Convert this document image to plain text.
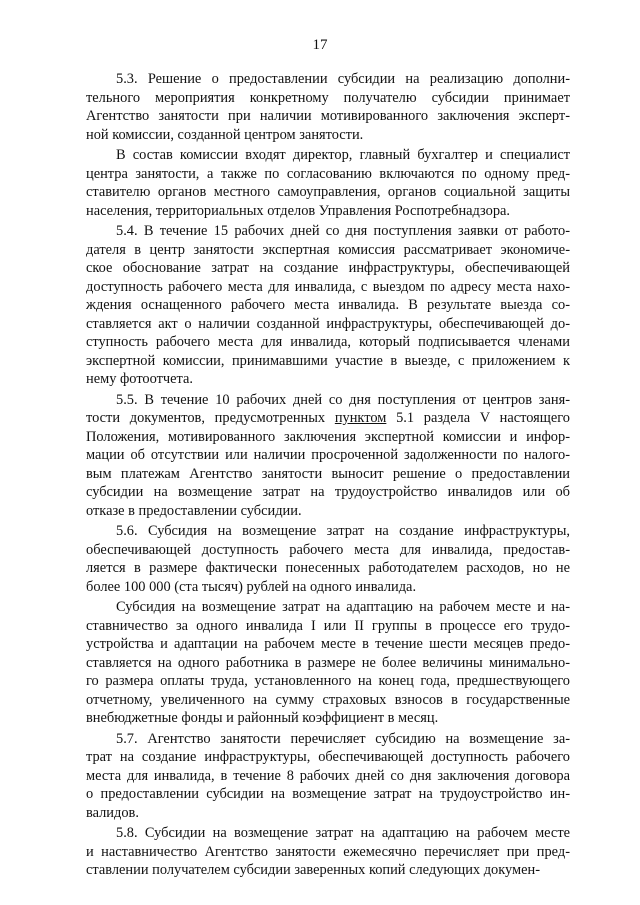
17
5.3. Решение о предоставлении субсидии на реализацию дополни-
тельного мероприятия конкретному получателю субсидии принимает
Агентство занятости при наличии мотивированного заключения эксперт-
ной комиссии, созданной центром занятости.
В состав комиссии входят директор, главный бухгалтер и специалист
центра занятости, а также по согласованию включаются по одному пред-
ставителю органов местного самоуправления, органов социальной защиты
населения, территориальных отделов Управления Роспотребнадзора.
5.4. В течение 15 рабочих дней со дня поступления заявки от работо-
дателя в центр занятости экспертная комиссия рассматривает экономиче-
ское обоснование затрат на создание инфраструктуры, обеспечивающей
доступность рабочего места для инвалида, с выездом по адресу места нахо-
ждения оснащенного рабочего места инвалида. В результате выезда со-
ставляется акт о наличии созданной инфраструктуры, обеспечивающей до-
ступность рабочего места для инвалида, который подписывается членами
экспертной комиссии, принимавшими участие в выезде, с приложением к
нему фотоотчета.
5.5. В течение 10 рабочих дней со дня поступления от центров заня-
тости документов, предусмотренных пунктом 5.1 раздела V настоящего
Положения, мотивированного заключения экспертной комиссии и инфор-
мации об отсутствии или наличии просроченной задолженности по налого-
вым платежам Агентство занятости выносит решение о предоставлении
субсидии на возмещение затрат на трудоустройство инвалидов или об
отказе в предоставлении субсидии.
5.6. Субсидия на возмещение затрат на создание инфраструктуры,
обеспечивающей доступность рабочего места для инвалида, предостав-
ляется в размере фактически понесенных работодателем расходов, но не
более 100 000 (ста тысяч) рублей на одного инвалида.
Субсидия на возмещение затрат на адаптацию на рабочем месте и на-
ставничество за одного инвалида I или II группы в процессе его трудо-
устройства и адаптации на рабочем месте в течение шести месяцев предо-
ставляется на одного работника в размере не более величины минимально-
го размера оплаты труда, установленного на конец года, предшествующего
отчетному, увеличенного на сумму страховых взносов в государственные
внебюджетные фонды и районный коэффициент в месяц.
5.7. Агентство занятости перечисляет субсидию на возмещение за-
трат на создание инфраструктуры, обеспечивающей доступность рабочего
места для инвалида, в течение 8 рабочих дней со дня заключения договора
о предоставлении субсидии на возмещение затрат на трудоустройство ин-
валидов.
5.8. Субсидии на возмещение затрат на адаптацию на рабочем месте
и наставничество Агентство занятости ежемесячно перечисляет при пред-
ставлении получателем субсидии заверенных копий следующих докумен-
